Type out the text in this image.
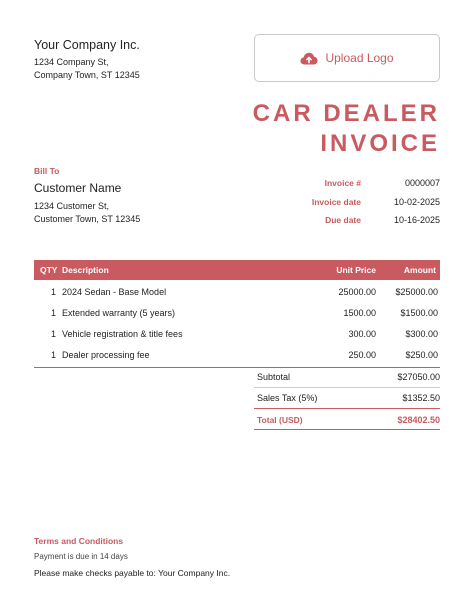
Your Company Inc.
1234 Company St,
Company Town, ST 12345
Upload Logo
CAR DEALER
INVOICE
Bill To
Customer Name
1234 Customer St,
Customer Town, ST 12345
Invoice #	0000007
Invoice date	10-02-2025
Due date	10-16-2025
QTY Description	Unit Price	Amount
1 2024 Sedan - Base Model	25000.00	$25000.00
1 Extended warranty (5 years)	1500.00	$1500.00
1 Vehicle registration & title fees	300.00	$300.00
1 Dealer processing fee	250.00	$250.00
Subtotal	$27050.00
Sales Tax (5%)	$1352.50
Total (USD)	$28402.50
Terms and Conditions
Payment is due in 14 days
Please make checks payable to: Your Company Inc.
